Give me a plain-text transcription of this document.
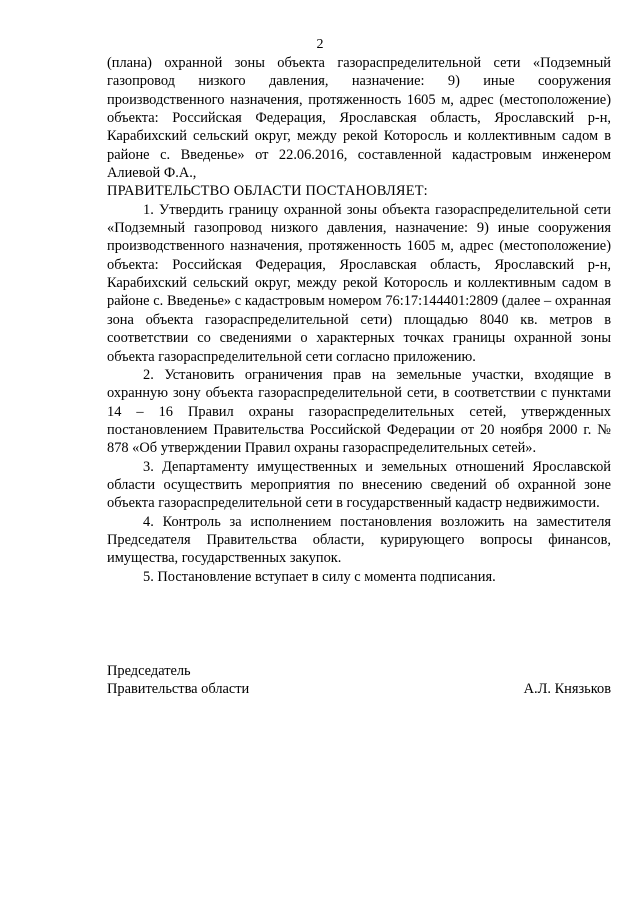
2

(плана) охранной зоны объекта газораспределительной сети «Подземный газопровод низкого давления, назначение: 9) иные сооружения производственного назначения, протяженность 1605 м, адрес (местоположение) объекта: Российская Федерация, Ярославская область, Ярославский р-н, Карабихский сельский округ, между рекой Которосль и коллективным садом в районе с. Введенье» от 22.06.2016, составленной кадастровым инженером Алиевой Ф.А.,

ПРАВИТЕЛЬСТВО ОБЛАСТИ ПОСТАНОВЛЯЕТ:

1. Утвердить границу охранной зоны объекта газораспределительной сети «Подземный газопровод низкого давления, назначение: 9) иные сооружения производственного назначения, протяженность 1605 м, адрес (местоположение) объекта: Российская Федерация, Ярославская область, Ярославский р-н, Карабихский сельский округ, между рекой Которосль и коллективным садом в районе с. Введенье» с кадастровым номером 76:17:144401:2809 (далее – охранная зона объекта газораспределительной сети) площадью 8040 кв. метров в соответствии со сведениями о характерных точках границы охранной зоны объекта газораспределительной сети согласно приложению.

2. Установить ограничения прав на земельные участки, входящие в охранную зону объекта газораспределительной сети, в соответствии с пунктами 14 – 16 Правил охраны газораспределительных сетей, утвержденных постановлением Правительства Российской Федерации от 20 ноября 2000 г. № 878 «Об утверждении Правил охраны газораспределительных сетей».

3. Департаменту имущественных и земельных отношений Ярославской области осуществить мероприятия по внесению сведений об охранной зоне объекта газораспределительной сети в государственный кадастр недвижимости.

4. Контроль за исполнением постановления возложить на заместителя Председателя Правительства области, курирующего вопросы финансов, имущества, государственных закупок.

5. Постановление вступает в силу с момента подписания.

Председатель
Правительства области	А.Л. Князьков
